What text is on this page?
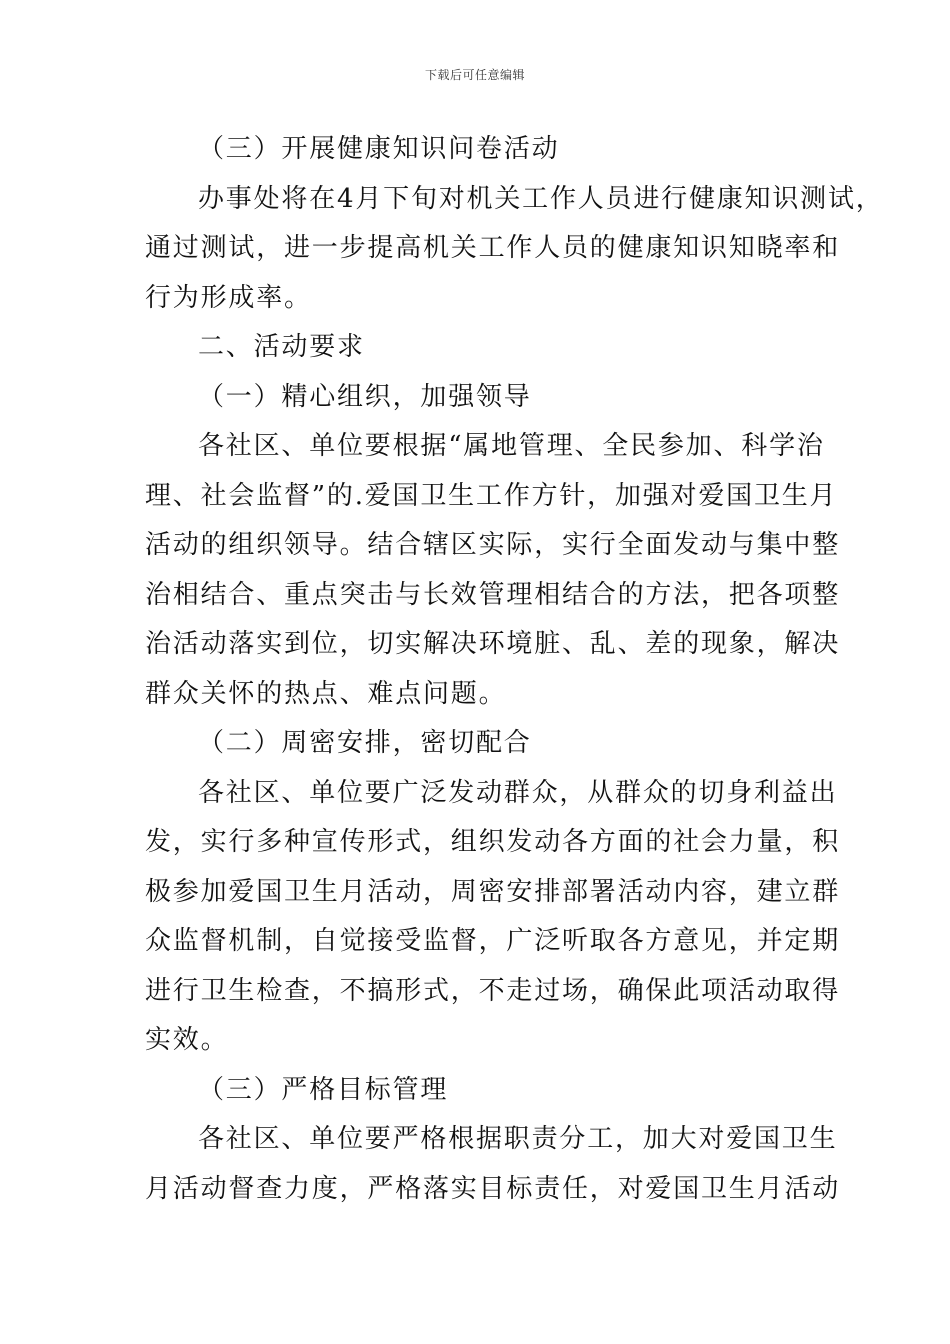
下载后可任意编辑
（三）开展健康知识问卷活动
办事处将在4月下旬对机关工作人员进行健康知识测试，
通过测试，进一步提高机关工作人员的健康知识知晓率和
行为形成率。
二、活动要求
（一）精心组织，加强领导
各社区、单位要根据“属地管理、全民参加、科学治
理、社会监督”的.爱国卫生工作方针，加强对爱国卫生月
活动的组织领导。结合辖区实际，实行全面发动与集中整
治相结合、重点突击与长效管理相结合的方法，把各项整
治活动落实到位，切实解决环境脏、乱、差的现象，解决
群众关怀的热点、难点问题。
（二）周密安排，密切配合
各社区、单位要广泛发动群众，从群众的切身利益出
发，实行多种宣传形式，组织发动各方面的社会力量，积
极参加爱国卫生月活动，周密安排部署活动内容，建立群
众监督机制，自觉接受监督，广泛听取各方意见，并定期
进行卫生检查，不搞形式，不走过场，确保此项活动取得
实效。
（三）严格目标管理
各社区、单位要严格根据职责分工，加大对爱国卫生
月活动督查力度，严格落实目标责任，对爱国卫生月活动
